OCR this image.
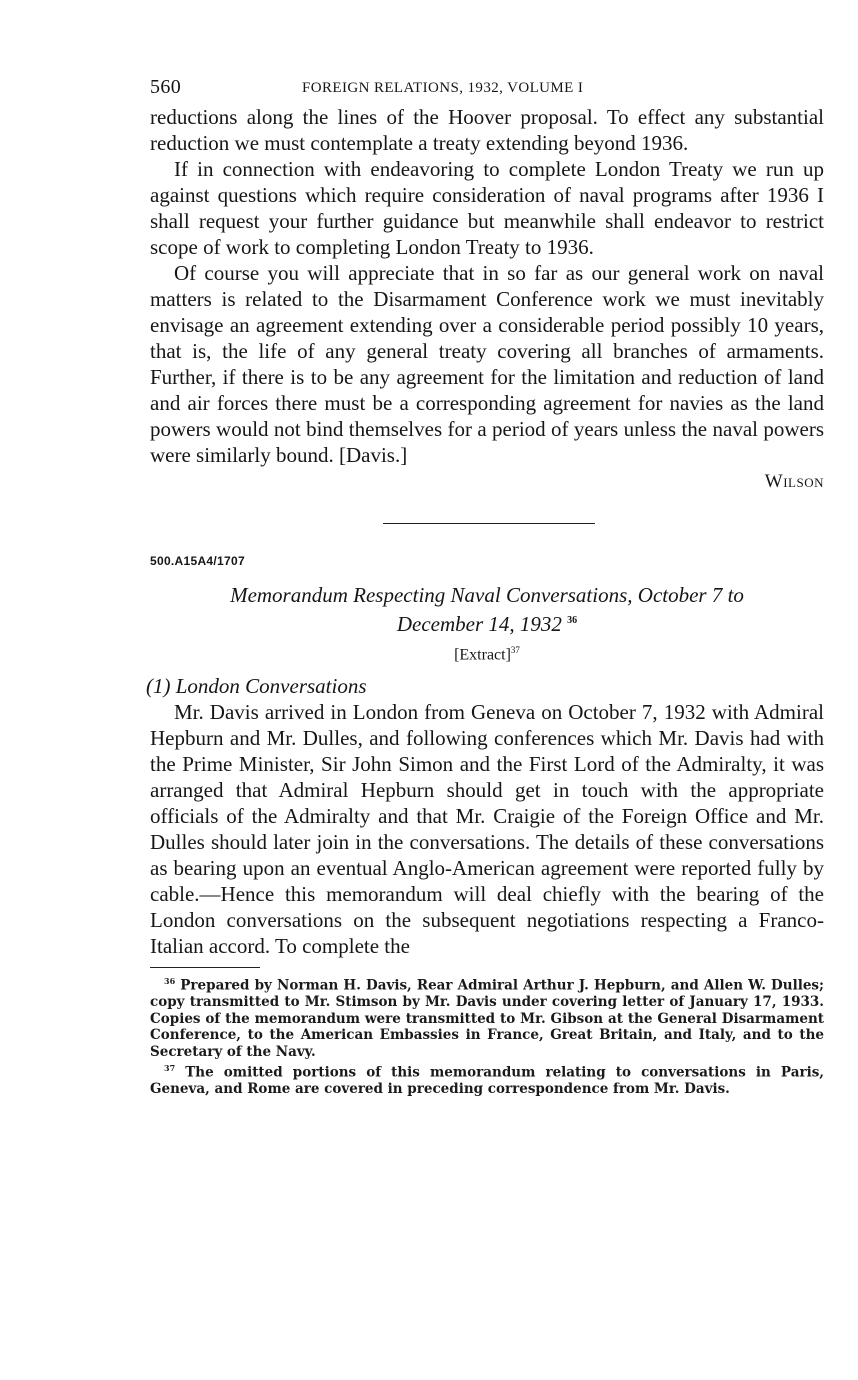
560	FOREIGN RELATIONS, 1932, VOLUME I

reductions along the lines of the Hoover proposal. To effect any substantial reduction we must contemplate a treaty extending beyond 1936.

If in connection with endeavoring to complete London Treaty we run up against questions which require consideration of naval programs after 1936 I shall request your further guidance but meanwhile shall endeavor to restrict scope of work to completing London Treaty to 1936.

Of course you will appreciate that in so far as our general work on naval matters is related to the Disarmament Conference work we must inevitably envisage an agreement extending over a considerable period possibly 10 years, that is, the life of any general treaty covering all branches of armaments. Further, if there is to be any agreement for the limitation and reduction of land and air forces there must be a corresponding agreement for navies as the land powers would not bind themselves for a period of years unless the naval powers were similarly bound. [Davis.]

Wilson
500.A15A4/1707
Memorandum Respecting Naval Conversations, October 7 to
December 14, 1932 $^{36}$
[Extract]$^{37}$
(1) London Conversations

Mr. Davis arrived in London from Geneva on October 7, 1932 with Admiral Hepburn and Mr. Dulles, and following conferences which Mr. Davis had with the Prime Minister, Sir John Simon and the First Lord of the Admiralty, it was arranged that Admiral Hepburn should get in touch with the appropriate officials of the Admiralty and that Mr. Craigie of the Foreign Office and Mr. Dulles should later join in the conversations. The details of these conversations as bearing upon an eventual Anglo-American agreement were reported fully by cable.—Hence this memorandum will deal chiefly with the bearing of the London conversations on the subsequent negotiations respecting a Franco-Italian accord. To complete the

$^{36}$ Prepared by Norman H. Davis, Rear Admiral Arthur J. Hepburn, and Allen W. Dulles; copy transmitted to Mr. Stimson by Mr. Davis under covering letter of January 17, 1933. Copies of the memorandum were transmitted to Mr. Gibson at the General Disarmament Conference, to the American Embassies in France, Great Britain, and Italy, and to the Secretary of the Navy.

$^{37}$ The omitted portions of this memorandum relating to conversations in Paris, Geneva, and Rome are covered in preceding correspondence from Mr. Davis.
